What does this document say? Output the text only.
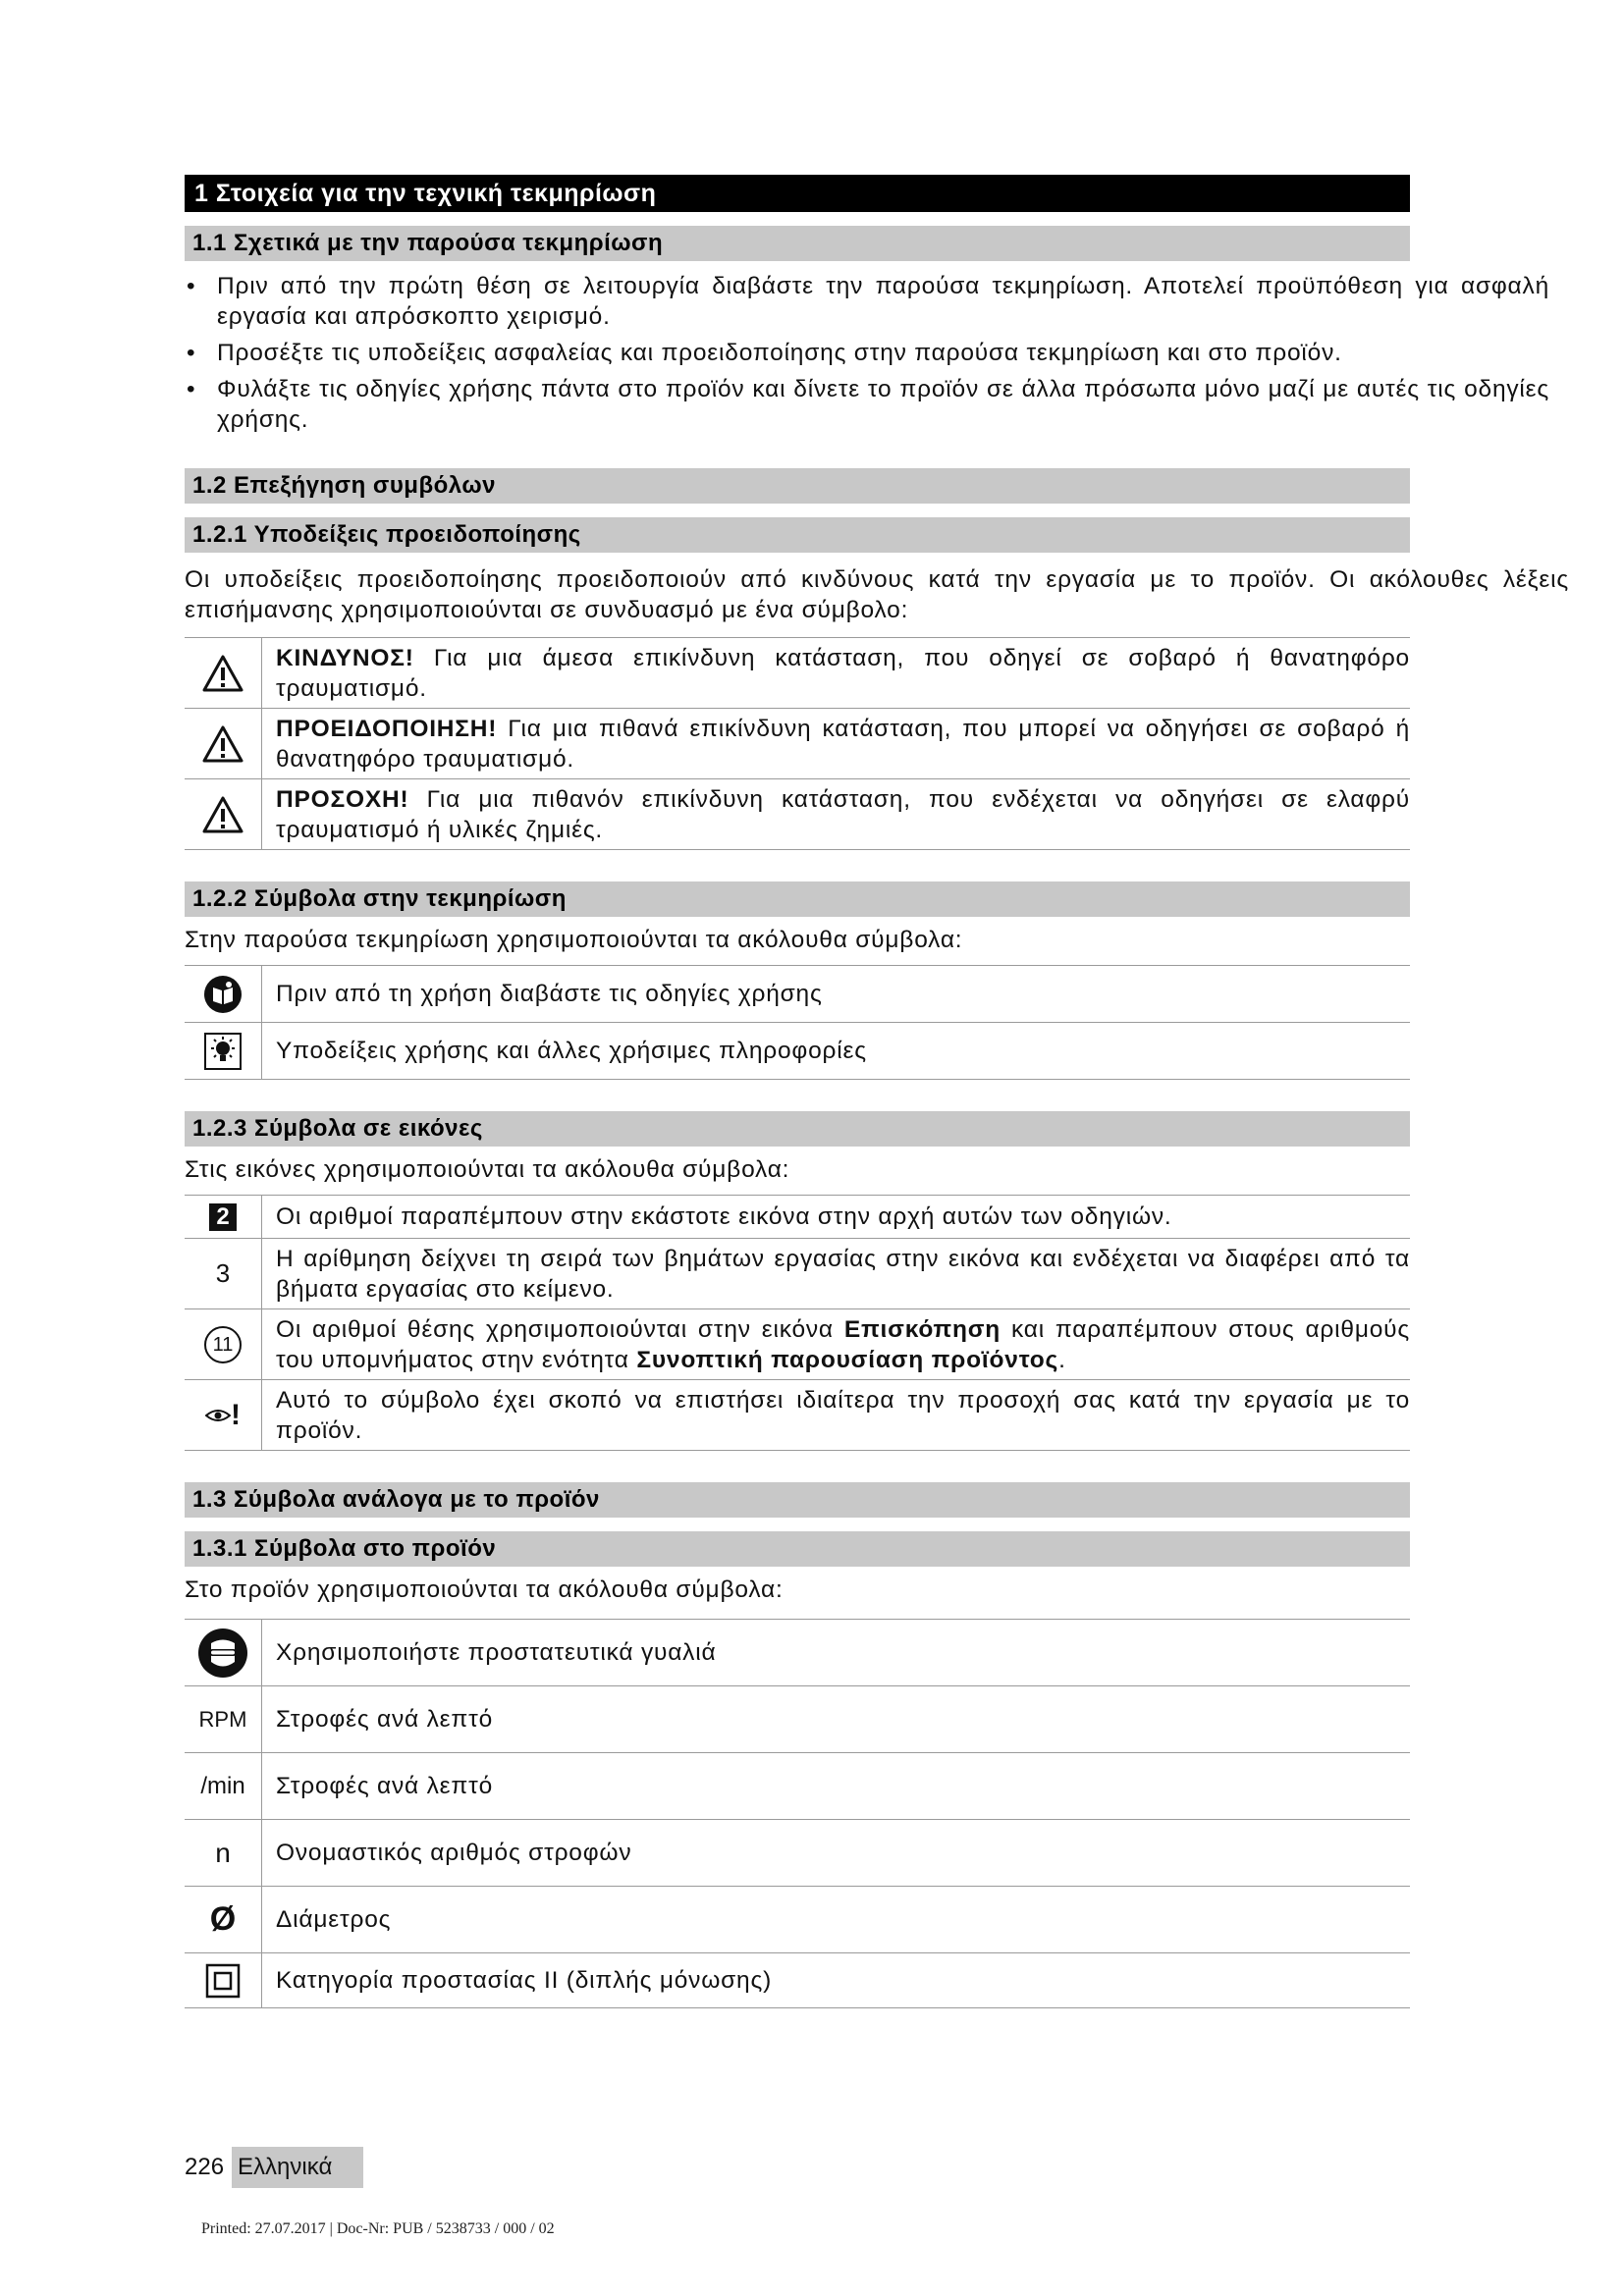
1 Στοιχεία για την τεχνική τεκμηρίωση
1.1 Σχετικά με την παρούσα τεκμηρίωση
• Πριν από την πρώτη θέση σε λειτουργία διαβάστε την παρούσα τεκμηρίωση. Αποτελεί προϋπόθεση για ασφαλή εργασία και απρόσκοπτο χειρισμό.
• Προσέξτε τις υποδείξεις ασφαλείας και προειδοποίησης στην παρούσα τεκμηρίωση και στο προϊόν.
• Φυλάξτε τις οδηγίες χρήσης πάντα στο προϊόν και δίνετε το προϊόν σε άλλα πρόσωπα μόνο μαζί με αυτές τις οδηγίες χρήσης.
1.2 Επεξήγηση συμβόλων
1.2.1 Υποδείξεις προειδοποίησης
Οι υποδείξεις προειδοποίησης προειδοποιούν από κινδύνους κατά την εργασία με το προϊόν. Οι ακόλουθες λέξεις επισήμανσης χρησιμοποιούνται σε συνδυασμό με ένα σύμβολο:
	ΚΙΝΔΥΝΟΣ! Για μια άμεσα επικίνδυνη κατάσταση, που οδηγεί σε σοβαρό ή θανατηφόρο τραυματισμό.
	ΠΡΟΕΙΔΟΠΟΙΗΣΗ! Για μια πιθανά επικίνδυνη κατάσταση, που μπορεί να οδηγήσει σε σοβαρό ή θανατηφόρο τραυματισμό.
	ΠΡΟΣΟΧΗ! Για μια πιθανόν επικίνδυνη κατάσταση, που ενδέχεται να οδηγήσει σε ελαφρύ τραυματισμό ή υλικές ζημιές.
1.2.2 Σύμβολα στην τεκμηρίωση
Στην παρούσα τεκμηρίωση χρησιμοποιούνται τα ακόλουθα σύμβολα:
	Πριν από τη χρήση διαβάστε τις οδηγίες χρήσης
	Υποδείξεις χρήσης και άλλες χρήσιμες πληροφορίες
1.2.3 Σύμβολα σε εικόνες
Στις εικόνες χρησιμοποιούνται τα ακόλουθα σύμβολα:
2	Οι αριθμοί παραπέμπουν στην εκάστοτε εικόνα στην αρχή αυτών των οδηγιών.
3	Η αρίθμηση δείχνει τη σειρά των βημάτων εργασίας στην εικόνα και ενδέχεται να διαφέρει από τα βήματα εργασίας στο κείμενο.
11	Οι αριθμοί θέσης χρησιμοποιούνται στην εικόνα Επισκόπηση και παραπέμπουν στους αριθμούς του υπομνήματος στην ενότητα Συνοπτική παρουσίαση προϊόντος.
!	Αυτό το σύμβολο έχει σκοπό να επιστήσει ιδιαίτερα την προσοχή σας κατά την εργασία με το προϊόν.
1.3 Σύμβολα ανάλογα με το προϊόν
1.3.1 Σύμβολα στο προϊόν
Στο προϊόν χρησιμοποιούνται τα ακόλουθα σύμβολα:
	Χρησιμοποιήστε προστατευτικά γυαλιά
RPM	Στροφές ανά λεπτό
/min	Στροφές ανά λεπτό
n	Ονομαστικός αριθμός στροφών
Ø	Διάμετρος
	Κατηγορία προστασίας II (διπλής μόνωσης)
226 Ελληνικά
Printed: 27.07.2017 | Doc-Nr: PUB / 5238733 / 000 / 02
